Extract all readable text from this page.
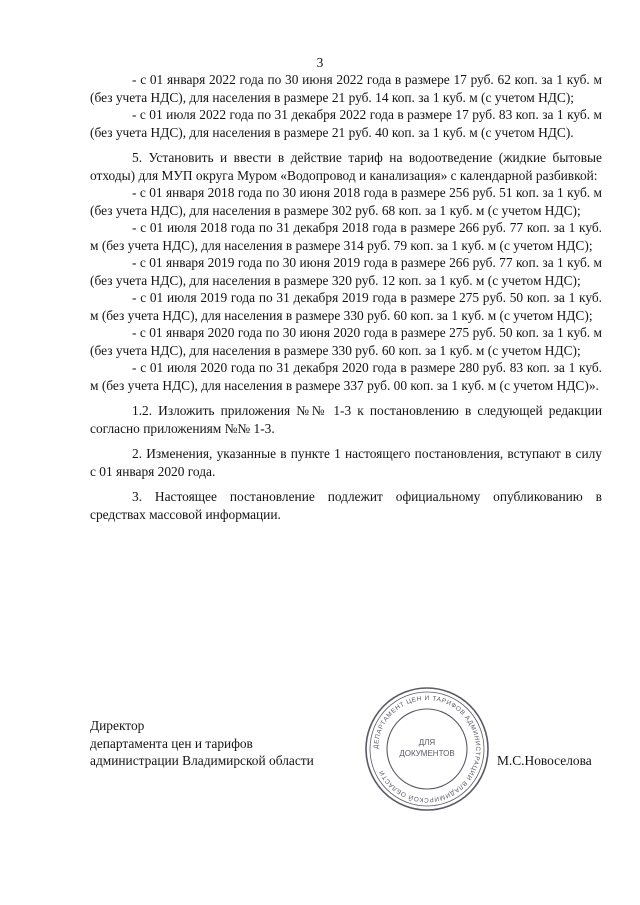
3

- с 01 января 2022 года по 30 июня 2022 года в размере 17 руб. 62 коп. за 1 куб. м (без учета НДС), для населения в размере 21 руб. 14 коп. за 1 куб. м (с учетом НДС);

- с 01 июля 2022 года по 31 декабря 2022 года в размере 17 руб. 83 коп. за 1 куб. м (без учета НДС), для населения в размере 21 руб. 40 коп. за 1 куб. м (с учетом НДС).

5. Установить и ввести в действие тариф на водоотведение (жидкие бытовые отходы) для МУП округа Муром «Водопровод и канализация» с календарной разбивкой:

- с 01 января 2018 года по 30 июня 2018 года в размере 256 руб. 51 коп. за 1 куб. м (без учета НДС), для населения в размере 302 руб. 68 коп. за 1 куб. м (с учетом НДС);

- с 01 июля 2018 года по 31 декабря 2018 года в размере 266 руб. 77 коп. за 1 куб. м (без учета НДС), для населения в размере 314 руб. 79 коп. за 1 куб. м (с учетом НДС);

- с 01 января 2019 года по 30 июня 2019 года в размере 266 руб. 77 коп. за 1 куб. м (без учета НДС), для населения в размере 320 руб. 12 коп. за 1 куб. м (с учетом НДС);

- с 01 июля 2019 года по 31 декабря 2019 года в размере 275 руб. 50 коп. за 1 куб. м (без учета НДС), для населения в размере 330 руб. 60 коп. за 1 куб. м (с учетом НДС);

- с 01 января 2020 года по 30 июня 2020 года в размере 275 руб. 50 коп. за 1 куб. м (без учета НДС), для населения в размере 330 руб. 60 коп. за 1 куб. м (с учетом НДС);

- с 01 июля 2020 года по 31 декабря 2020 года в размере 280 руб. 83 коп. за 1 куб. м (без учета НДС), для населения в размере 337 руб. 00 коп. за 1 куб. м (с учетом НДС)».

1.2. Изложить приложения №№ 1-3 к постановлению в следующей редакции согласно приложениям №№ 1-3.

2. Изменения, указанные в пункте 1 настоящего постановления, вступают в силу с 01 января 2020 года.

3. Настоящее постановление подлежит официальному опубликованию в средствах массовой информации.

Директор
департамента цен и тарифов
администрации Владимирской области
ДЕПАРТАМЕНТ ЦЕН И ТАРИФОВ АДМИНИСТРАЦИИ ВЛАДИМИРСКОЙ ОБЛАСТИ
ДЛЯ
ДОКУМЕНТОВ	М.С.Новоселова
